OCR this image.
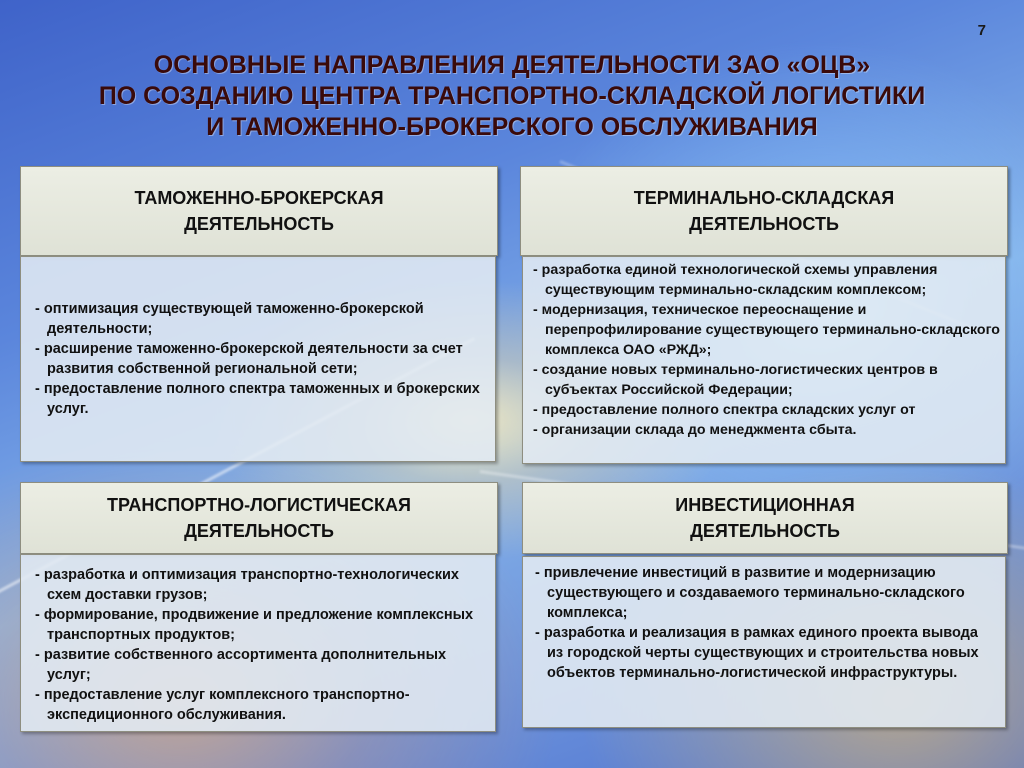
7
ОСНОВНЫЕ НАПРАВЛЕНИЯ ДЕЯТЕЛЬНОСТИ ЗАО «ОЦВ»
ПО СОЗДАНИЮ ЦЕНТРА ТРАНСПОРТНО-СКЛАДСКОЙ ЛОГИСТИКИ
И ТАМОЖЕННО-БРОКЕРСКОГО ОБСЛУЖИВАНИЯ
ТАМОЖЕННО-БРОКЕРСКАЯ
ДЕЯТЕЛЬНОСТЬ
- оптимизация существующей таможенно-брокерской деятельности;
- расширение таможенно-брокерской деятельности за счет развития собственной региональной сети;
- предоставление полного спектра таможенных и брокерских услуг.
ТЕРМИНАЛЬНО-СКЛАДСКАЯ
ДЕЯТЕЛЬНОСТЬ
- разработка единой технологической схемы управления существующим терминально-складским комплексом;
- модернизация, техническое переоснащение и перепрофилирование существующего терминально-складского комплекса ОАО «РЖД»;
- создание новых терминально-логистических центров в субъектах Российской Федерации;
- предоставление полного спектра складских услуг от
- организации склада до менеджмента сбыта.
ТРАНСПОРТНО-ЛОГИСТИЧЕСКАЯ
ДЕЯТЕЛЬНОСТЬ
- разработка и оптимизация транспортно-технологических схем доставки грузов;
- формирование, продвижение и предложение комплексных транспортных продуктов;
- развитие собственного ассортимента дополнительных услуг;
- предоставление услуг комплексного транспортно-экспедиционного обслуживания.
ИНВЕСТИЦИОННАЯ
ДЕЯТЕЛЬНОСТЬ
- привлечение инвестиций в развитие и модернизацию существующего и создаваемого терминально-складского комплекса;
- разработка и реализация в рамках единого проекта вывода из городской черты существующих и строительства новых объектов терминально-логистической инфраструктуры.
